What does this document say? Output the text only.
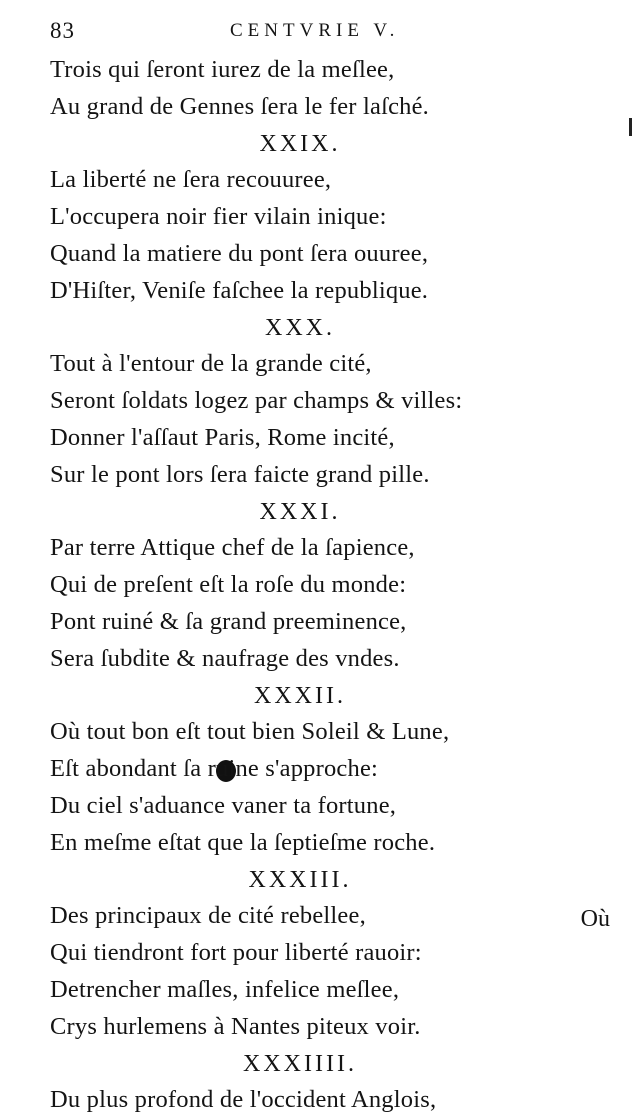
83	CENTVRIE V.
Trois qui ſeront iurez de la meſlee,
Au grand de Gennes ſera le fer laſché.
XXIX.
La liberté ne ſera recouuree,
L'occupera noir fier vilain inique:
Quand la matiere du pont ſera ouuree,
D'Hiſter, Veniſe faſchee la republique.
XXX.
Tout à l'entour de la grande cité,
Seront ſoldats logez par champs & villes:
Donner l'aſſaut Paris, Rome incité,
Sur le pont lors ſera faicte grand pille.
XXXI.
Par terre Attique chef de la ſapience,
Qui de preſent eſt la roſe du monde:
Pont ruiné & ſa grand preeminence,
Sera ſubdite & naufrage des vndes.
XXXII.
Où tout bon eſt tout bien Soleil & Lune,
Eſt abondant ſa ruine s'approche:
Du ciel s'aduance vaner ta fortune,
En meſme eſtat que la ſeptieſme roche.
XXXIII.
Des principaux de cité rebellee,
Qui tiendront fort pour liberté rauoir:
Detrencher maſles, infelice meſlee,
Crys hurlemens à Nantes piteux voir.
XXXIIII.
Du plus profond de l'occident Anglois,
Où
